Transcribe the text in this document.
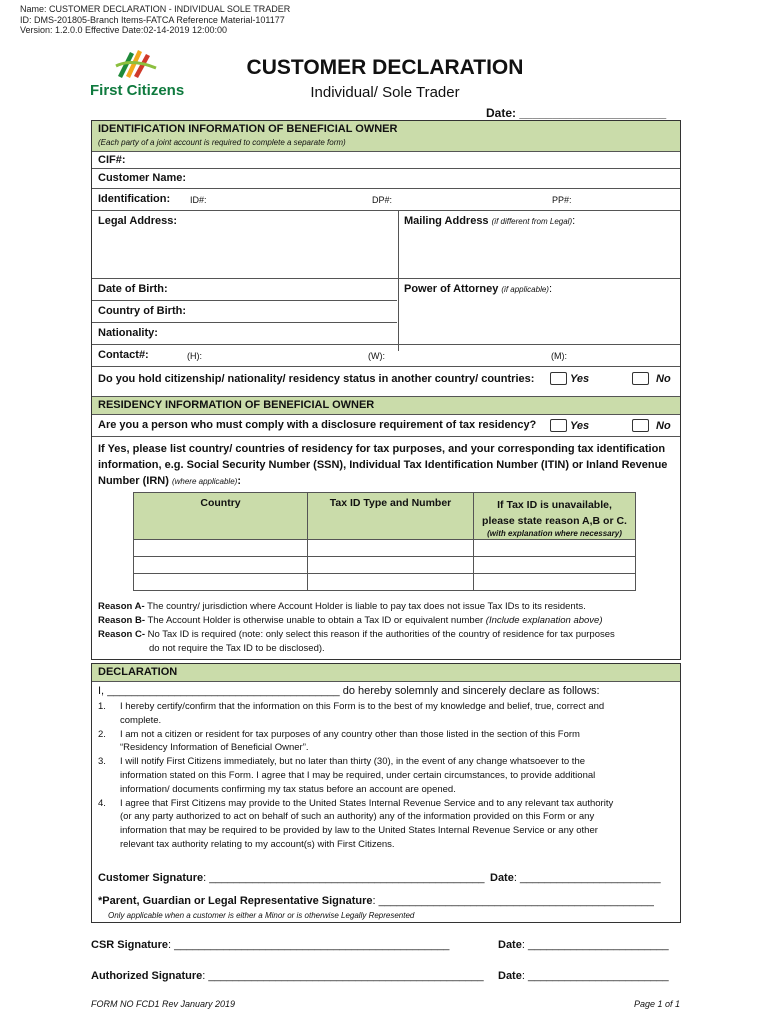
Name: CUSTOMER DECLARATION - INDIVIDUAL SOLE TRADER
ID: DMS-201805-Branch Items-FATCA Reference Material-101177
Version: 1.2.0.0 Effective Date:02-14-2019 12:00:00
First Citizens
CUSTOMER DECLARATION
Individual/ Sole Trader
Date: ______________________
IDENTIFICATION INFORMATION OF BENEFICIAL OWNER
(Each party of a joint account is required to complete a separate form)
CIF#:
Customer Name:
Identification: ID#:	DP#:	PP#:
Legal Address:	Mailing Address (if different from Legal):
Date of Birth:	Power of Attorney (if applicable):
Country of Birth:
Nationality:
Contact#:	(H):	(W):	(M):
Do you hold citizenship/ nationality/ residency status in another country/ countries:	Yes	No
RESIDENCY INFORMATION OF BENEFICIAL OWNER
Are you a person who must comply with a disclosure requirement of tax residency?	Yes	No
If Yes, please list country/ countries of residency for tax purposes, and your corresponding tax identification information, e.g. Social Security Number (SSN), Individual Tax Identification Number (ITIN) or Inland Revenue Number (IRN) (where applicable):
Country	Tax ID Type and Number	If Tax ID is unavailable,
please state reason A,B or C.
(with explanation where necessary)

Reason A- The country/ jurisdiction where Account Holder is liable to pay tax does not issue Tax IDs to its residents.
Reason B- The Account Holder is otherwise unable to obtain a Tax ID or equivalent number (Include explanation above)
Reason C- No Tax ID is required (note: only select this reason if the authorities of the country of residence for tax purposes
do not require the Tax ID to be disclosed).
DECLARATION
I, ______________________________________ do hereby solemnly and sincerely declare as follows:
1.	I hereby certify/confirm that the information on this Form is to the best of my knowledge and belief, true, correct and
complete.
2.	I am not a citizen or resident for tax purposes of any country other than those listed in the section of this Form
“Residency Information of Beneficial Owner”.
3.	I will notify First Citizens immediately, but no later than thirty (30), in the event of any change whatsoever to the
information stated on this Form. I agree that I may be required, under certain circumstances, to provide additional
information/ documents confirming my tax status before an account are opened.
4.	I agree that First Citizens may provide to the United States Internal Revenue Service and to any relevant tax authority
(or any party authorized to act on behalf of such an authority) any of the information provided on this Form or any
information that may be required to be provided by law to the United States Internal Revenue Service or any other
relevant tax authority relating to my account(s) with First Citizens.
Customer Signature: _____________________________________________ Date: _______________________
*Parent, Guardian or Legal Representative Signature: _____________________________________________
Only applicable when a customer is either a Minor or is otherwise Legally Represented
CSR Signature: _____________________________________________	Date: _______________________
Authorized Signature: _____________________________________________ Date: _______________________
FORM NO FCD1 Rev January 2019	Page 1 of 1
